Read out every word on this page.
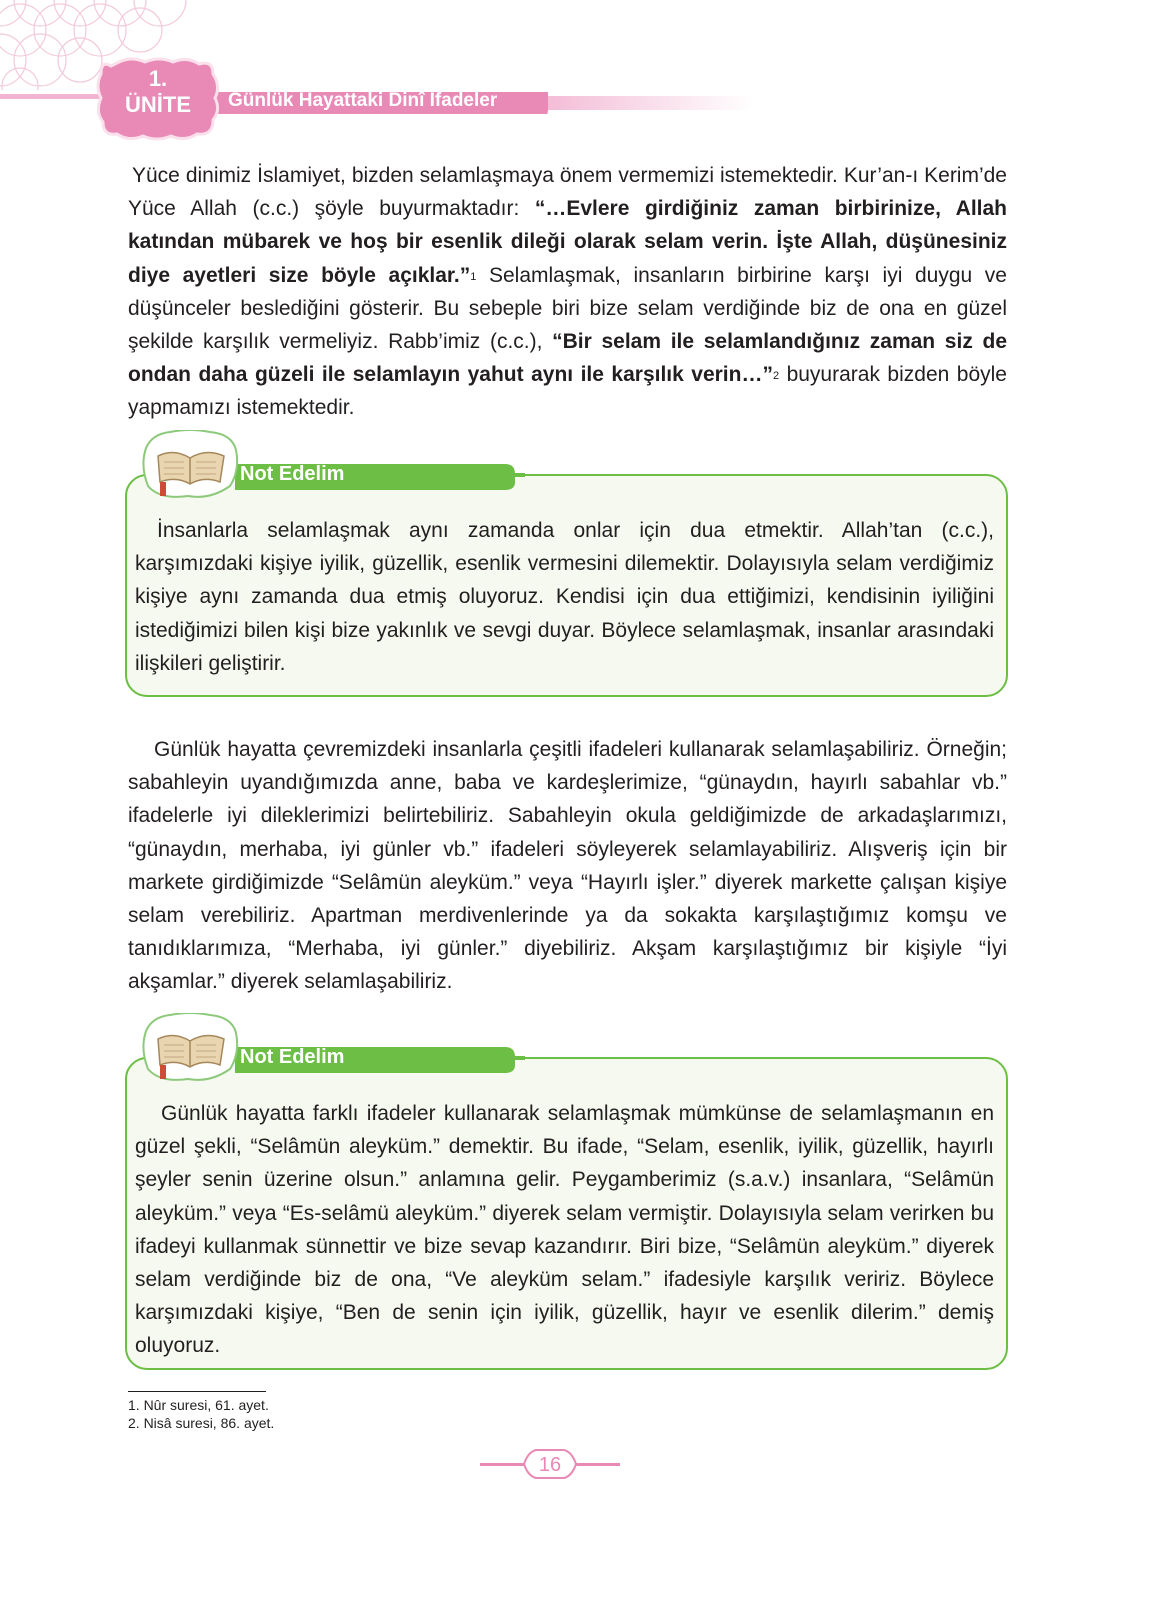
1.
ÜNİTE	Günlük Hayattaki Dinî İfadeler

Yüce dinimiz İslamiyet, bizden selamlaşmaya önem vermemizi istemektedir. Kur’an-ı Kerim’de Yüce Allah (c.c.) şöyle buyurmaktadır: “…Evlere girdiğiniz zaman birbirinize, Allah katından mübarek ve hoş bir esenlik dileği olarak selam verin. İşte Allah, düşünesiniz diye ayetleri size böyle açıklar.”$^1$ Selamlaşmak, insanların birbirine karşı iyi duygu ve düşünceler beslediğini gösterir. Bu sebeple biri bize selam verdiğinde biz de ona en güzel şekilde karşılık vermeliyiz. Rabb’imiz (c.c.), “Bir selam ile selamlandığınız zaman siz de ondan daha güzeli ile selamlayın yahut aynı ile karşılık verin…”$^2$ buyurarak bizden böyle yapmamızı istemektedir.

Not Edelim

İnsanlarla selamlaşmak aynı zamanda onlar için dua etmektir. Allah’tan (c.c.), karşımızdaki kişiye iyilik, güzellik, esenlik vermesini dilemektir. Dolayısıyla selam verdiğimiz kişiye aynı zamanda dua etmiş oluyoruz. Kendisi için dua ettiğimizi, kendisinin iyiliğini istediğimizi bilen kişi bize yakınlık ve sevgi duyar. Böylece selamlaşmak, insanlar arasındaki ilişkileri geliştirir.

Günlük hayatta çevremizdeki insanlarla çeşitli ifadeleri kullanarak selamlaşabiliriz. Örneğin; sabahleyin uyandığımızda anne, baba ve kardeşlerimize, “günaydın, hayırlı sabahlar vb.” ifadelerle iyi dileklerimizi belirtebiliriz. Sabahleyin okula geldiğimizde de arkadaşlarımızı, “günaydın, merhaba, iyi günler vb.” ifadeleri söyleyerek selamlayabiliriz. Alışveriş için bir markete girdiğimizde “Selâmün aleyküm.” veya “Hayırlı işler.” diyerek markette çalışan kişiye selam verebiliriz. Apartman merdivenlerinde ya da sokakta karşılaştığımız komşu ve tanıdıklarımıza, “Merhaba, iyi günler.” diyebiliriz. Akşam karşılaştığımız bir kişiyle “İyi akşamlar.” diyerek selamlaşabiliriz.

Not Edelim

Günlük hayatta farklı ifadeler kullanarak selamlaşmak mümkünse de selamlaşmanın en güzel şekli, “Selâmün aleyküm.” demektir. Bu ifade, “Selam, esenlik, iyilik, güzellik, hayırlı şeyler senin üzerine olsun.” anlamına gelir. Peygamberimiz (s.a.v.) insanlara, “Selâmün aleyküm.” veya “Es-selâmü aleyküm.” diyerek selam vermiştir. Dolayısıyla selam verirken bu ifadeyi kullanmak sünnettir ve bize sevap kazandırır. Biri bize, “Selâmün aleyküm.” diyerek selam verdiğinde biz de ona, “Ve aleyküm selam.” ifadesiyle karşılık veririz. Böylece karşımızdaki kişiye, “Ben de senin için iyilik, güzellik, hayır ve esenlik dilerim.” demiş oluyoruz.

1. Nûr suresi, 61. ayet.
2. Nisâ suresi, 86. ayet.
16
